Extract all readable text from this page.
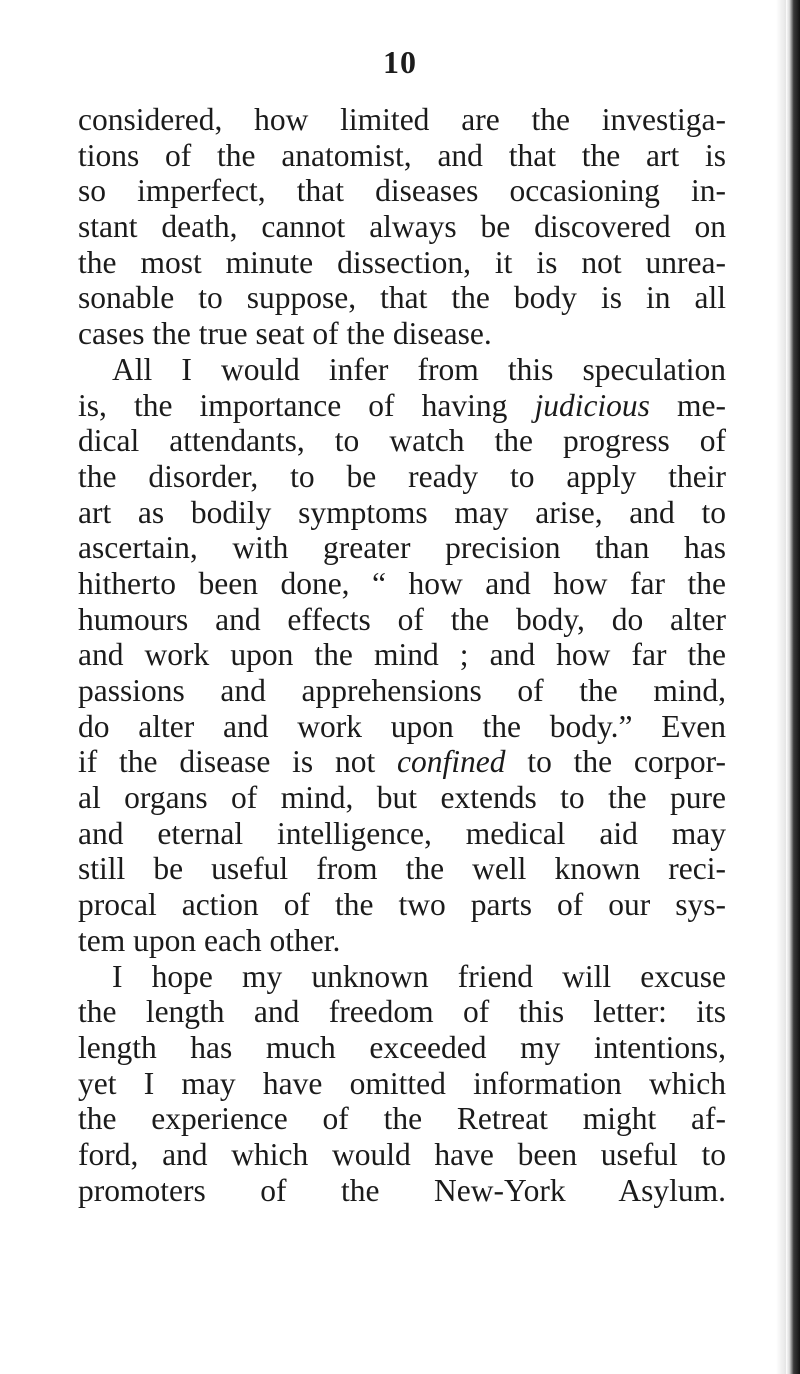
10
considered, how limited are the investiga-
tions of the anatomist, and that the art is
so imperfect, that diseases occasioning in-
stant death, cannot always be discovered on
the most minute dissection, it is not unrea-
sonable to suppose, that the body is in all
cases the true seat of the disease.
All I would infer from this speculation
is, the importance of having judicious me-
dical attendants, to watch the progress of
the disorder, to be ready to apply their
art as bodily symptoms may arise, and to
ascertain, with greater precision than has
hitherto been done, “ how and how far the
humours and effects of the body, do alter
and work upon the mind ; and how far the
passions and apprehensions of the mind,
do alter and work upon the body.” Even
if the disease is not confined to the corpor-
al organs of mind, but extends to the pure
and eternal intelligence, medical aid may
still be useful from the well known reci-
procal action of the two parts of our sys-
tem upon each other.
I hope my unknown friend will excuse
the length and freedom of this letter: its
length has much exceeded my intentions,
yet I may have omitted information which
the experience of the Retreat might af-
ford, and which would have been useful to
promoters of the New-York Asylum.
